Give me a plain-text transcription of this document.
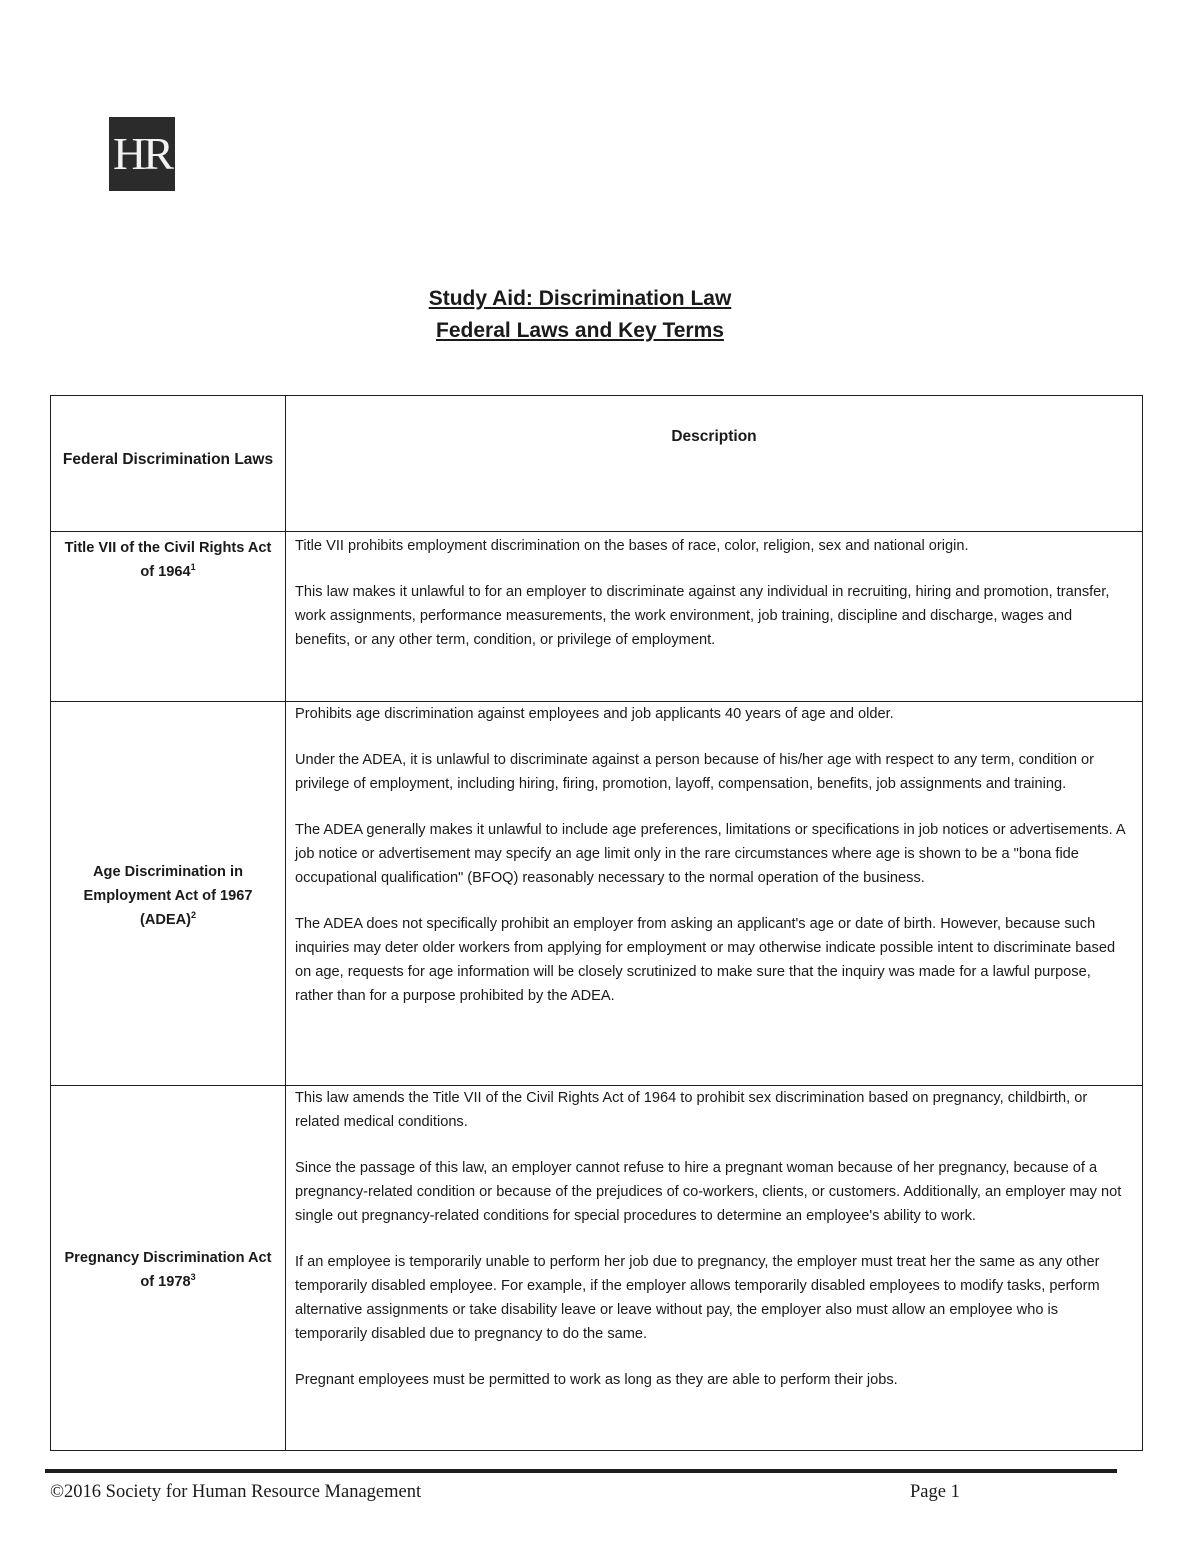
HR
Study Aid: Discrimination Law
Federal Laws and Key Terms
Federal Discrimination Laws	Description
Title VII of the Civil Rights Act of 1964$^1$	Title VII prohibits employment discrimination on the bases of race, color, religion, sex and national origin.

This law makes it unlawful to for an employer to discriminate against any individual in recruiting, hiring and promotion, transfer, work assignments, performance measurements, the work environment, job training, discipline and discharge, wages and benefits, or any other term, condition, or privilege of employment.

Age Discrimination in Employment Act of 1967 (ADEA)$^2$	Prohibits age discrimination against employees and job applicants 40 years of age and older.

Under the ADEA, it is unlawful to discriminate against a person because of his/her age with respect to any term, condition or privilege of employment, including hiring, firing, promotion, layoff, compensation, benefits, job assignments and training.

The ADEA generally makes it unlawful to include age preferences, limitations or specifications in job notices or advertisements. A job notice or advertisement may specify an age limit only in the rare circumstances where age is shown to be a "bona fide occupational qualification" (BFOQ) reasonably necessary to the normal operation of the business.

The ADEA does not specifically prohibit an employer from asking an applicant's age or date of birth. However, because such inquiries may deter older workers from applying for employment or may otherwise indicate possible intent to discriminate based on age, requests for age information will be closely scrutinized to make sure that the inquiry was made for a lawful purpose, rather than for a purpose prohibited by the ADEA.

Pregnancy Discrimination Act of 1978$^3$	This law amends the Title VII of the Civil Rights Act of 1964 to prohibit sex discrimination based on pregnancy, childbirth, or related medical conditions.

Since the passage of this law, an employer cannot refuse to hire a pregnant woman because of her pregnancy, because of a pregnancy-related condition or because of the prejudices of co-workers, clients, or customers. Additionally, an employer may not single out pregnancy-related conditions for special procedures to determine an employee's ability to work.

If an employee is temporarily unable to perform her job due to pregnancy, the employer must treat her the same as any other temporarily disabled employee. For example, if the employer allows temporarily disabled employees to modify tasks, perform alternative assignments or take disability leave or leave without pay, the employer also must allow an employee who is temporarily disabled due to pregnancy to do the same.

Pregnant employees must be permitted to work as long as they are able to perform their jobs.

©2016 Society for Human Resource Management	Page 1
